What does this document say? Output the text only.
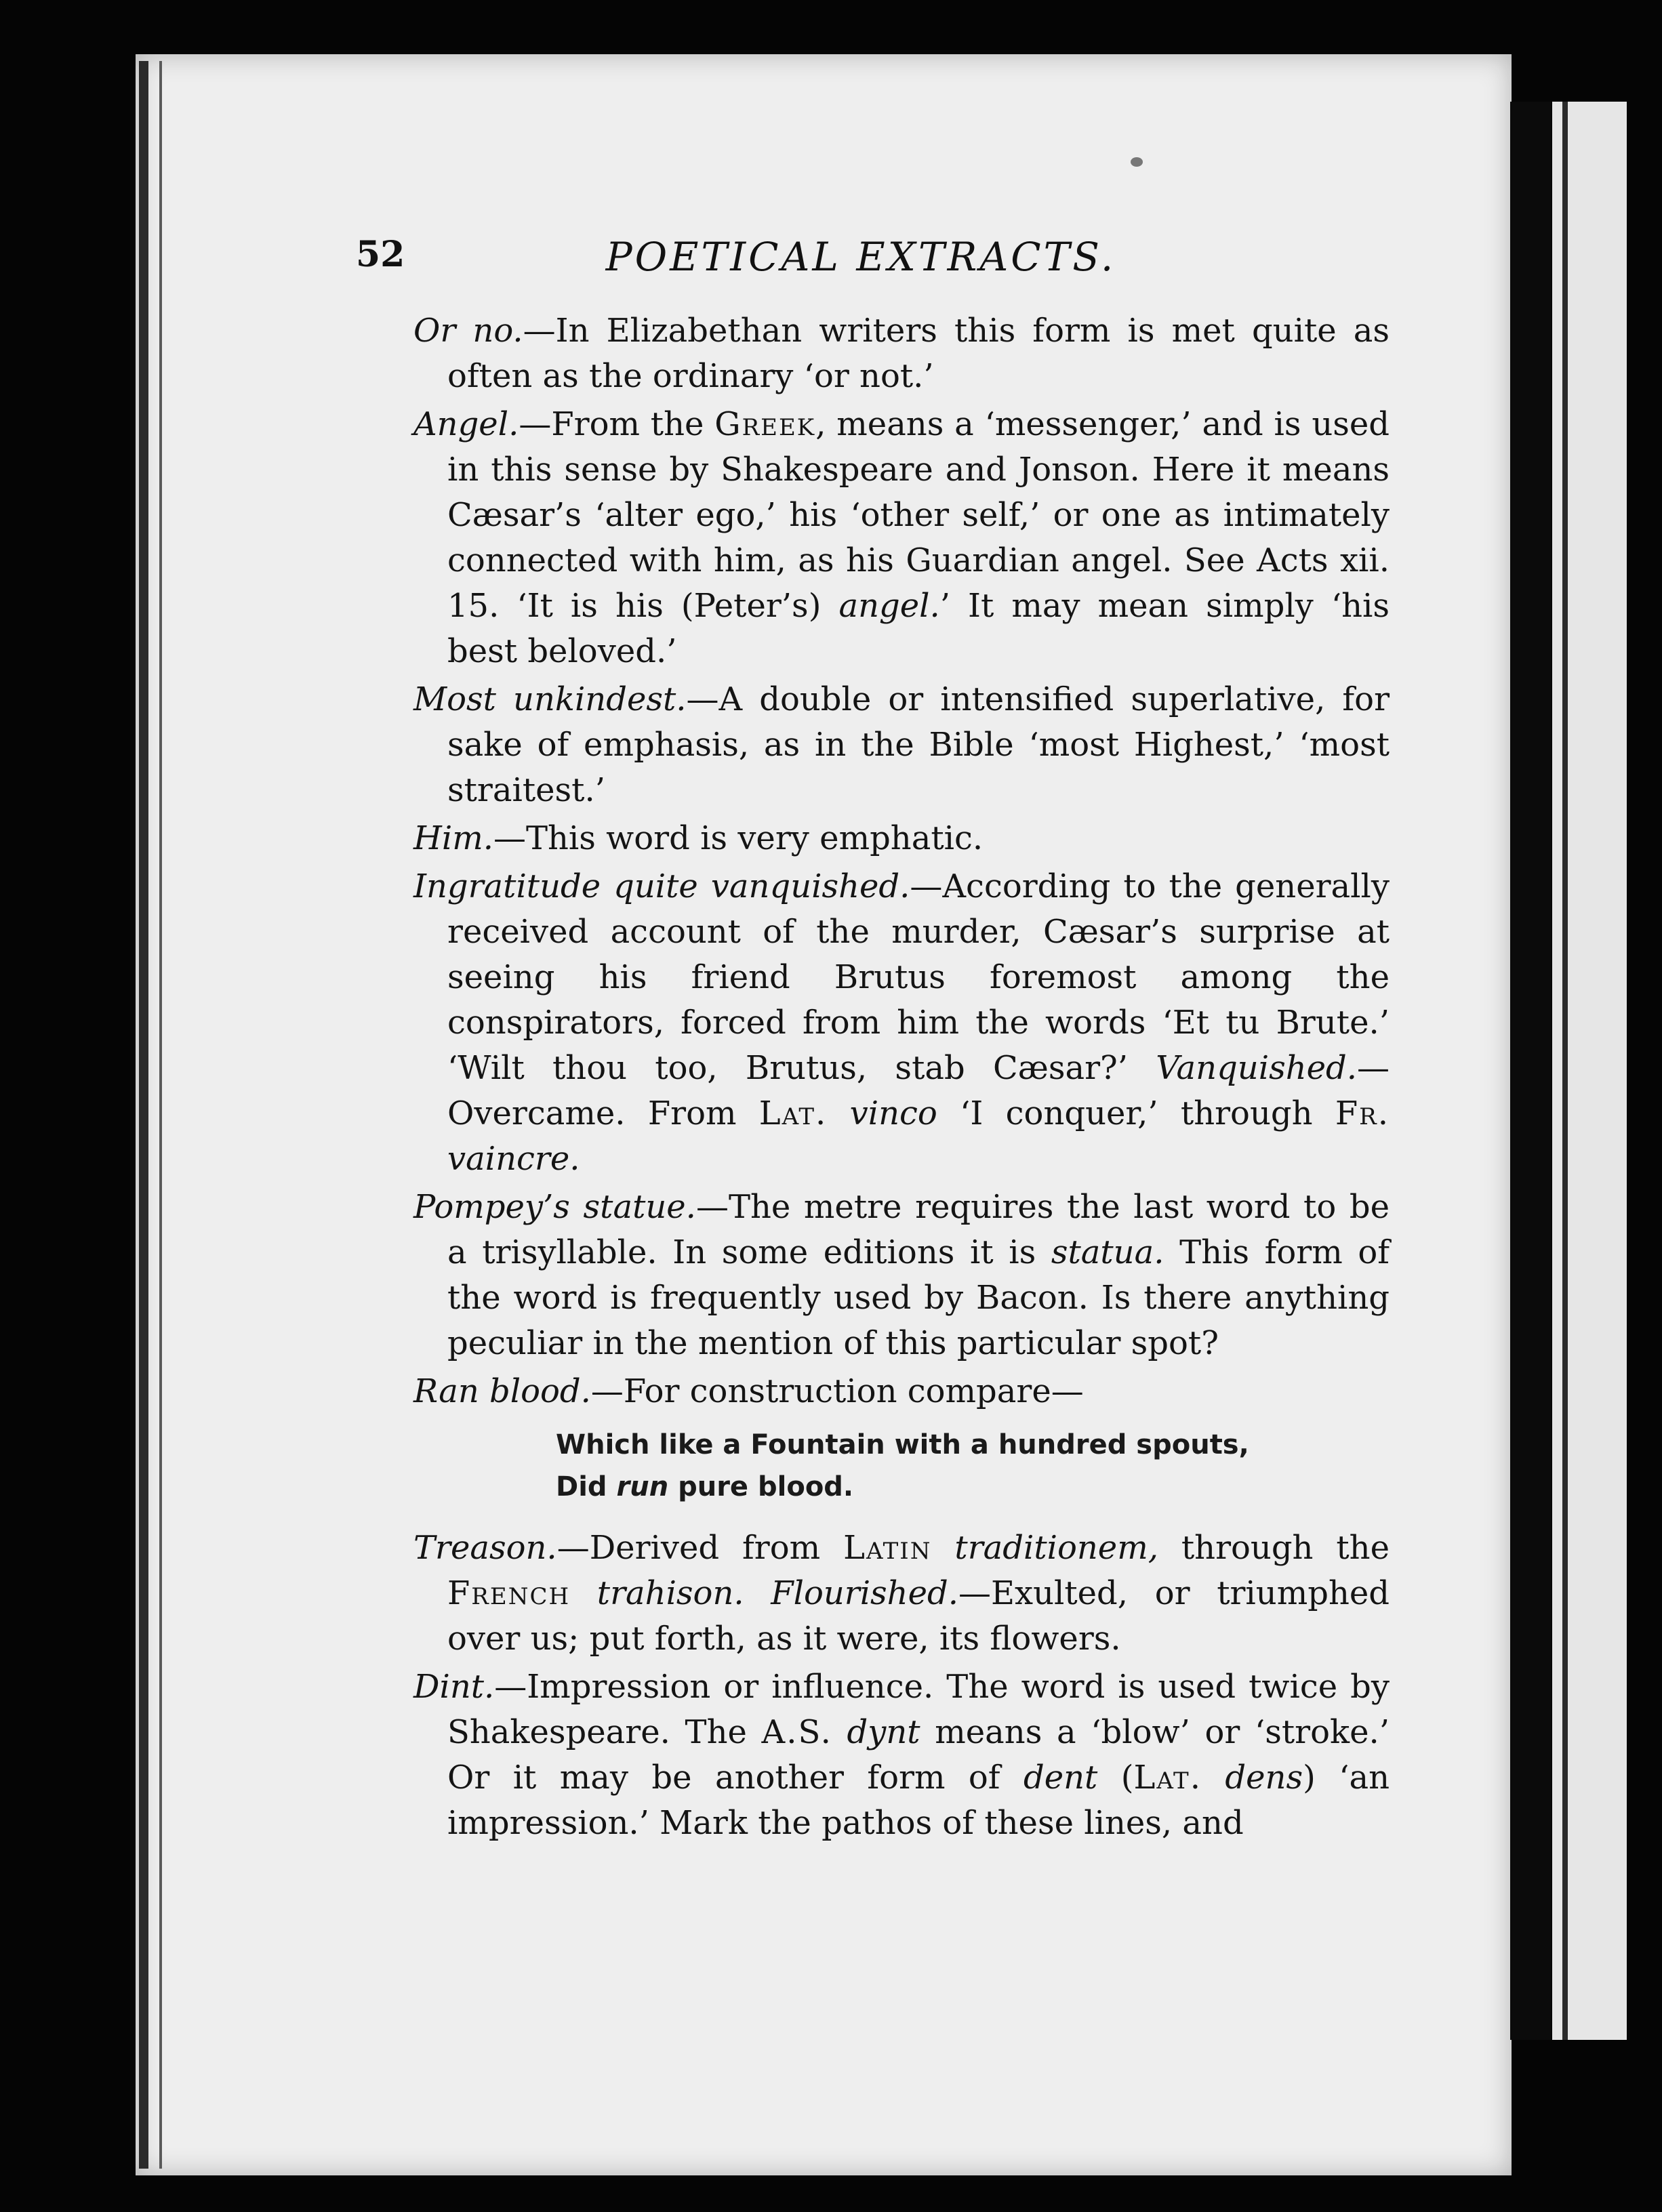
52	POETICAL EXTRACTS.

Or no.—In Elizabethan writers this form is met quite as often as the ordinary ‘or not.’

Angel.—From the Greek, means a ‘messenger,’ and is used in this sense by Shakespeare and Jonson. Here it means Cæsar’s ‘alter ego,’ his ‘other self,’ or one as intimately connected with him, as his Guardian angel. See Acts xii. 15. ‘It is his (Peter’s) angel.’ It may mean simply ‘his best beloved.’

Most unkindest.—A double or intensified superlative, for sake of emphasis, as in the Bible ‘most Highest,’ ‘most straitest.’

Him.—This word is very emphatic.

Ingratitude quite vanquished.—According to the generally received account of the murder, Cæsar’s surprise at seeing his friend Brutus foremost among the conspirators, forced from him the words ‘Et tu Brute.’ ‘Wilt thou too, Brutus, stab Cæsar?’ Vanquished.—Overcame. From Lat. vinco ‘I conquer,’ through Fr. vaincre.

Pompey’s statue.—The metre requires the last word to be a trisyllable. In some editions it is statua. This form of the word is frequently used by Bacon. Is there anything peculiar in the mention of this particular spot?

Ran blood.—For construction compare—

Which like a Fountain with a hundred spouts,
Did run pure blood.

Treason.—Derived from Latin traditionem, through the French trahison. Flourished.—Exulted, or triumphed over us; put forth, as it were, its flowers.

Dint.—Impression or influence. The word is used twice by Shakespeare. The A.S. dynt means a ‘blow’ or ‘stroke.’ Or it may be another form of dent (Lat. dens) ‘an impression.’ Mark the pathos of these lines, and
